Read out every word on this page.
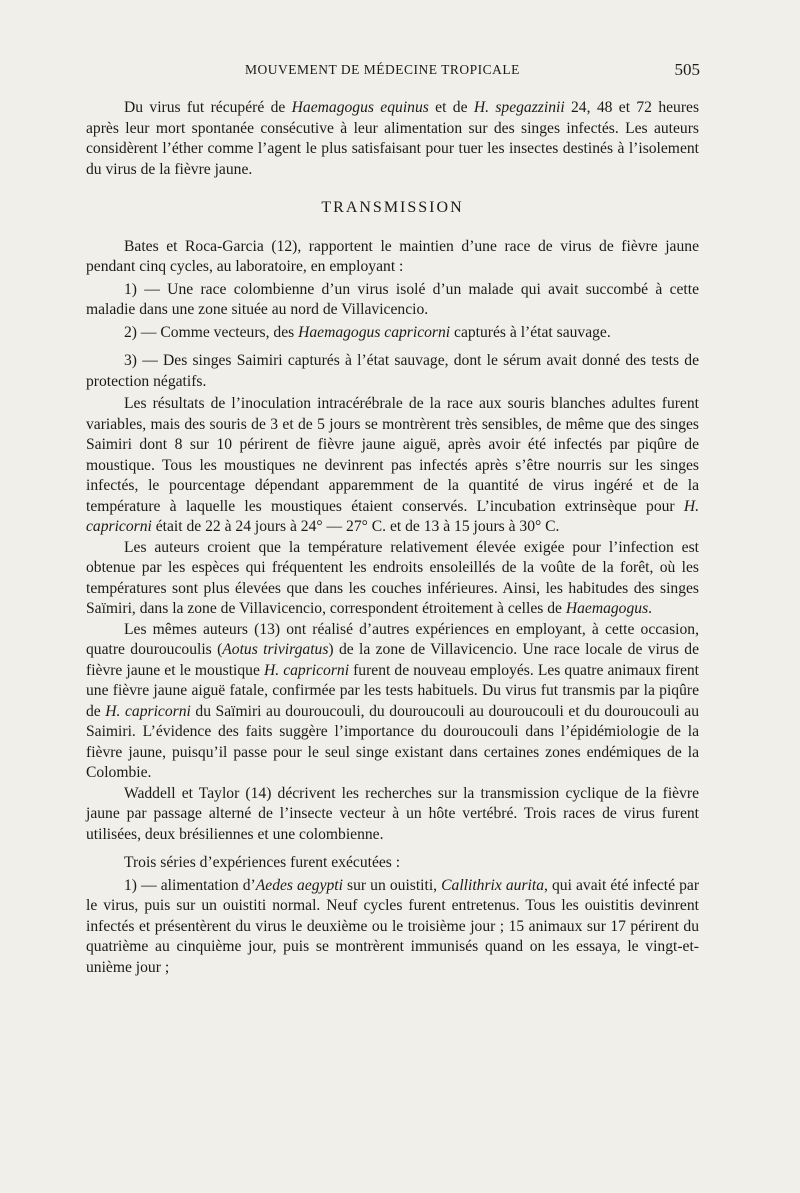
MOUVEMENT DE MÉDECINE TROPICALE	505

Du virus fut récupéré de Haemagogus equinus et de H. spegazzinii 24, 48 et 72 heures après leur mort spontanée consécutive à leur alimentation sur des singes infectés. Les auteurs considèrent l’éther comme l’agent le plus satisfaisant pour tuer les insectes destinés à l’isolement du virus de la fièvre jaune.

TRANSMISSION

Bates et Roca-Garcia (12), rapportent le maintien d’une race de virus de fièvre jaune pendant cinq cycles, au laboratoire, en employant :

1) — Une race colombienne d’un virus isolé d’un malade qui avait succombé à cette maladie dans une zone située au nord de Villavicencio.

2) — Comme vecteurs, des Haemagogus capricorni capturés à l’état sauvage.

3) — Des singes Saimiri capturés à l’état sauvage, dont le sérum avait donné des tests de protection négatifs.

Les résultats de l’inoculation intracérébrale de la race aux souris blanches adultes furent variables, mais des souris de 3 et de 5 jours se montrèrent très sensibles, de même que des singes Saimiri dont 8 sur 10 périrent de fièvre jaune aiguë, après avoir été infectés par piqûre de moustique. Tous les moustiques ne devinrent pas infectés après s’être nourris sur les singes infectés, le pourcentage dépendant apparemment de la quantité de virus ingéré et de la température à laquelle les moustiques étaient conservés. L’incubation extrinsèque pour H. capricorni était de 22 à 24 jours à 24° — 27° C. et de 13 à 15 jours à 30° C.

Les auteurs croient que la température relativement élevée exigée pour l’infection est obtenue par les espèces qui fréquentent les endroits ensoleillés de la voûte de la forêt, où les températures sont plus élevées que dans les couches inférieures. Ainsi, les habitudes des singes Saïmiri, dans la zone de Villavicencio, correspondent étroitement à celles de Haemagogus.

Les mêmes auteurs (13) ont réalisé d’autres expériences en employant, à cette occasion, quatre douroucoulis (Aotus trivirgatus) de la zone de Villavicencio. Une race locale de virus de fièvre jaune et le moustique H. capricorni furent de nouveau employés. Les quatre animaux firent une fièvre jaune aiguë fatale, confirmée par les tests habituels. Du virus fut transmis par la piqûre de H. capricorni du Saïmiri au douroucouli, du douroucouli au douroucouli et du douroucouli au Saimiri. L’évidence des faits suggère l’importance du douroucouli dans l’épidémiologie de la fièvre jaune, puisqu’il passe pour le seul singe existant dans certaines zones endémiques de la Colombie.

Waddell et Taylor (14) décrivent les recherches sur la transmission cyclique de la fièvre jaune par passage alterné de l’insecte vecteur à un hôte vertébré. Trois races de virus furent utilisées, deux brésiliennes et une colombienne.

Trois séries d’expériences furent exécutées :

1) — alimentation d’Aedes aegypti sur un ouistiti, Callithrix aurita, qui avait été infecté par le virus, puis sur un ouistiti normal. Neuf cycles furent entretenus. Tous les ouistitis devinrent infectés et présentèrent du virus le deuxième ou le troisième jour ; 15 animaux sur 17 périrent du quatrième au cinquième jour, puis se montrèrent immunisés quand on les essaya, le vingt-et-unième jour ;
